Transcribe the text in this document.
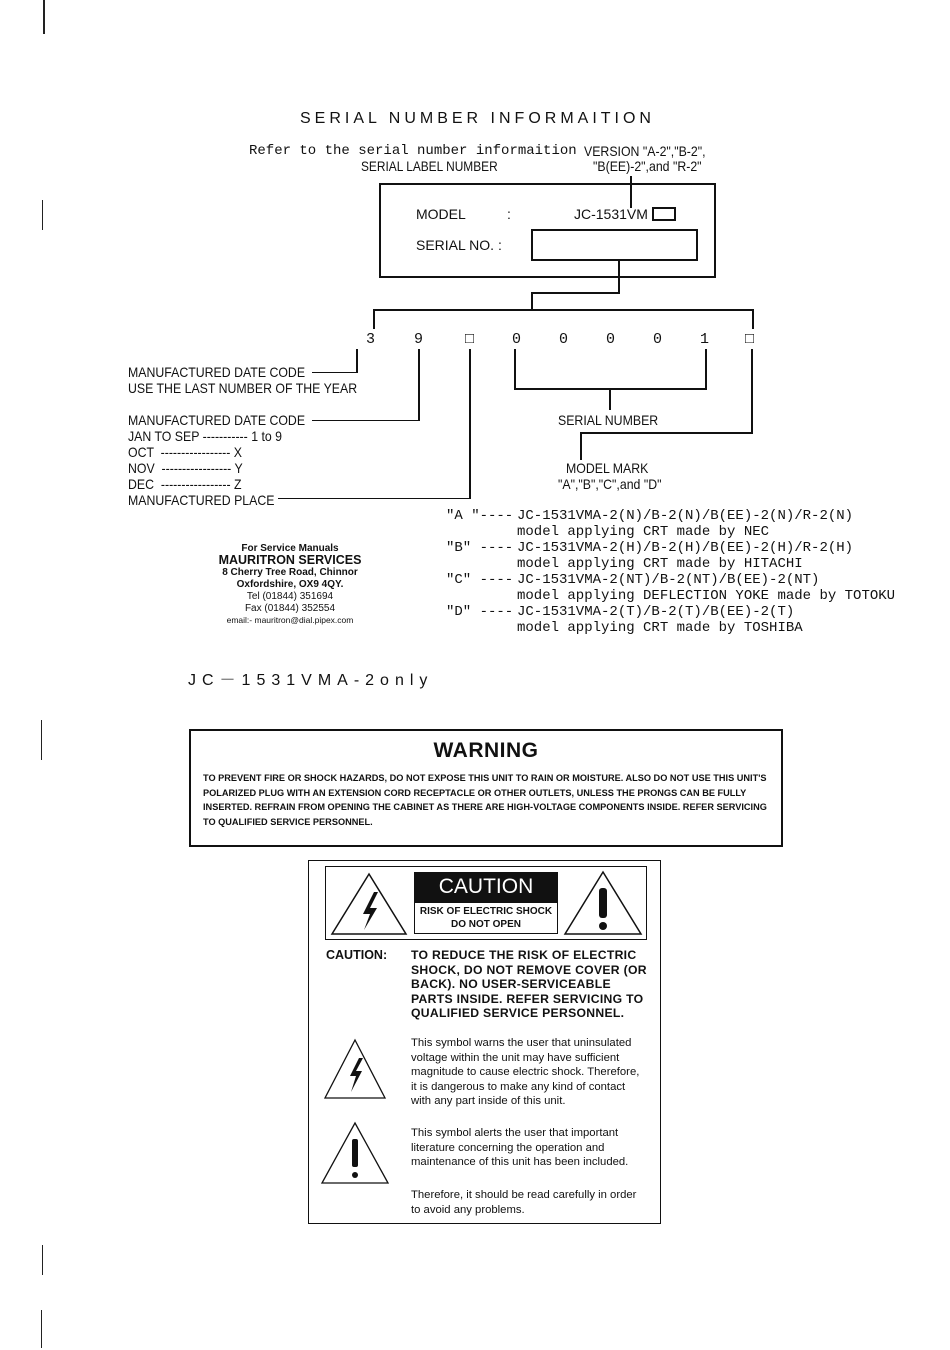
SERIAL NUMBER INFORMAITION
Refer to the serial number informaition
SERIAL LABEL NUMBER
VERSION "A-2","B-2",
"B(EE)-2",and "R-2"
MODEL	:	JC-1531VM
SERIAL NO. :
3	9	□	0	0	0	0	1 □
MANUFACTURED DATE CODE
USE THE LAST NUMBER OF THE YEAR
MANUFACTURED DATE CODE
JAN TO SEP ----------- 1 to 9
OCT  ----------------- X
NOV  ----------------- Y
DEC  ----------------- Z
MANUFACTURED PLACE
SERIAL NUMBER
MODEL MARK
"A","B","C",and "D"
"A "---- JC-1531VMA-2(N)/B-2(N)/B(EE)-2(N)/R-2(N)
model applying CRT made by NEC
"B" ---- JC-1531VMA-2(H)/B-2(H)/B(EE)-2(H)/R-2(H)
model applying CRT made by HITACHI
"C" ---- JC-1531VMA-2(NT)/B-2(NT)/B(EE)-2(NT)
model applying DEFLECTION YOKE made by TOTOKU
"D" ---- JC-1531VMA-2(T)/B-2(T)/B(EE)-2(T)
model applying CRT made by TOSHIBA
For Service Manuals
MAURITRON SERVICES
8 Cherry Tree Road, Chinnor
Oxfordshire, OX9 4QY.
Tel (01844) 351694
Fax (01844) 352554
email:- mauritron@dial.pipex.com
JC－1531VMA-2only
WARNING
TO PREVENT FIRE OR SHOCK HAZARDS, DO NOT EXPOSE THIS UNIT TO RAIN OR MOISTURE. ALSO DO NOT USE THIS UNIT'S POLARIZED PLUG WITH AN EXTENSION CORD RECEPTACLE OR OTHER OUTLETS, UNLESS THE PRONGS CAN BE FULLY INSERTED. REFRAIN FROM OPENING THE CABINET AS THERE ARE HIGH-VOLTAGE COMPONENTS INSIDE. REFER SERVICING TO QUALIFIED SERVICE PERSONNEL.
CAUTION
RISK OF ELECTRIC SHOCK
DO NOT OPEN
CAUTION: TO REDUCE THE RISK OF ELECTRIC SHOCK, DO NOT REMOVE COVER (OR BACK). NO USER-SERVICEABLE PARTS INSIDE. REFER SERVICING TO QUALIFIED SERVICE PERSONNEL.
This symbol warns the user that uninsulated voltage within the unit may have sufficient magnitude to cause electric shock. Therefore, it is dangerous to make any kind of contact with any part inside of this unit.
This symbol alerts the user that important literature concerning the operation and maintenance of this unit has been included.
Therefore, it should be read carefully in order to avoid any problems.
